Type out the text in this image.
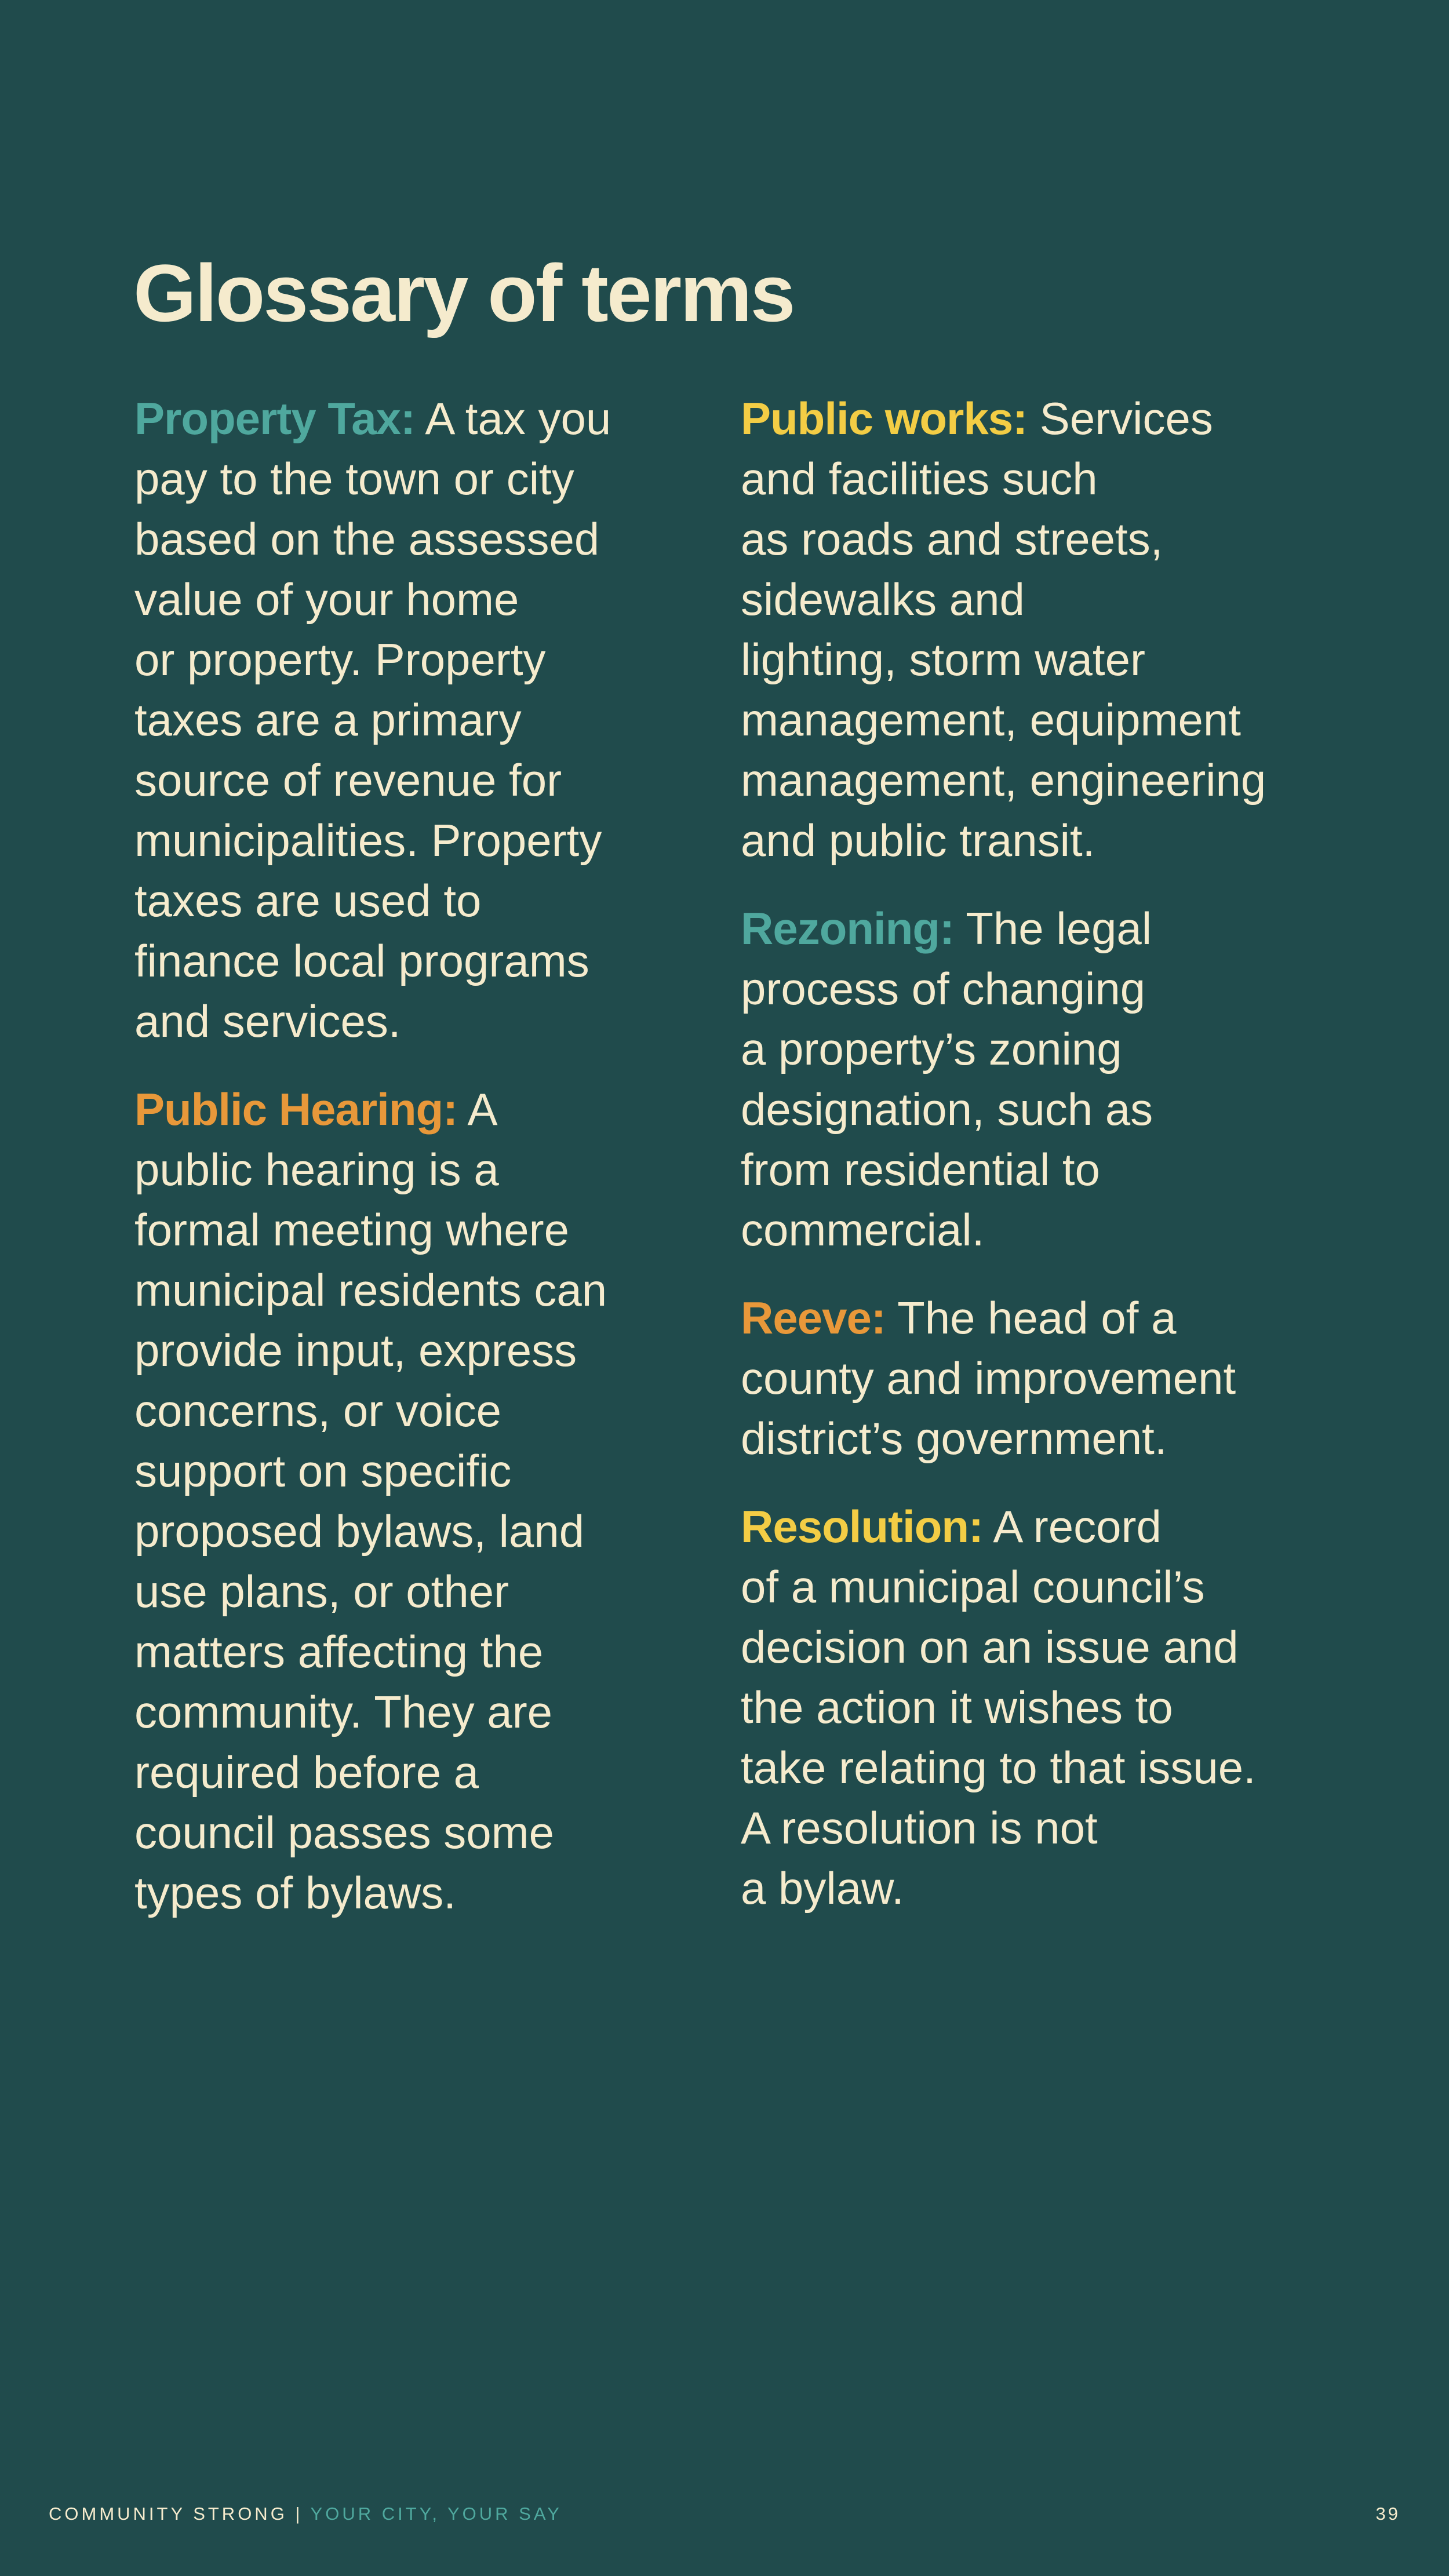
Glossary of terms
Property Tax: A tax you
pay to the town or city
based on the assessed
value of your home
or property. Property
taxes are a primary
source of revenue for
municipalities. Property
taxes are used to
finance local programs
and services.
Public Hearing: A
public hearing is a
formal meeting where
municipal residents can
provide input, express
concerns, or voice
support on specific
proposed bylaws, land
use plans, or other
matters affecting the
community. They are
required before a
council passes some
types of bylaws.
Public works: Services
and facilities such
as roads and streets,
sidewalks and
lighting, storm water
management, equipment
management, engineering
and public transit.
Rezoning: The legal
process of changing
a property’s zoning
designation, such as
from residential to
commercial.
Reeve: The head of a
county and improvement
district’s government.
Resolution: A record
of a municipal council’s
decision on an issue and
the action it wishes to
take relating to that issue.
A resolution is not
a bylaw.
COMMUNITY STRONG | YOUR CITY, YOUR SAY	39
